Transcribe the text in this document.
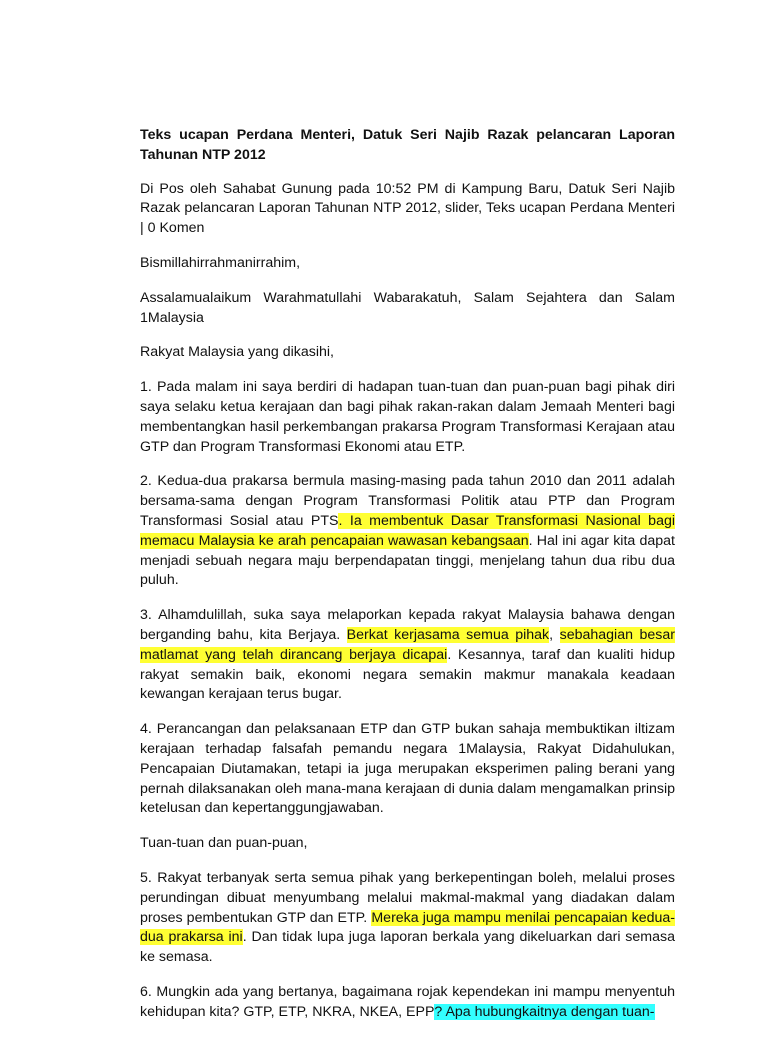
Teks ucapan Perdana Menteri, Datuk Seri Najib Razak pelancaran Laporan Tahunan NTP 2012

Di Pos oleh Sahabat Gunung pada 10:52 PM di Kampung Baru, Datuk Seri Najib Razak pelancaran Laporan Tahunan NTP 2012, slider, Teks ucapan Perdana Menteri | 0 Komen

Bismillahirrahmanirrahim,

Assalamualaikum Warahmatullahi Wabarakatuh, Salam Sejahtera dan Salam 1Malaysia

Rakyat Malaysia yang dikasihi,

1. Pada malam ini saya berdiri di hadapan tuan-tuan dan puan-puan bagi pihak diri saya selaku ketua kerajaan dan bagi pihak rakan-rakan dalam Jemaah Menteri bagi membentangkan hasil perkembangan prakarsa Program Transformasi Kerajaan atau GTP dan Program Transformasi Ekonomi atau ETP.

2. Kedua-dua prakarsa bermula masing-masing pada tahun 2010 dan 2011 adalah bersama-sama dengan Program Transformasi Politik atau PTP dan Program Transformasi Sosial atau PTS. Ia membentuk Dasar Transformasi Nasional bagi memacu Malaysia ke arah pencapaian wawasan kebangsaan. Hal ini agar kita dapat menjadi sebuah negara maju berpendapatan tinggi, menjelang tahun dua ribu dua puluh.

3. Alhamdulillah, suka saya melaporkan kepada rakyat Malaysia bahawa dengan berganding bahu, kita Berjaya. Berkat kerjasama semua pihak, sebahagian besar matlamat yang telah dirancang berjaya dicapai. Kesannya, taraf dan kualiti hidup rakyat semakin baik, ekonomi negara semakin makmur manakala keadaan kewangan kerajaan terus bugar.

4. Perancangan dan pelaksanaan ETP dan GTP bukan sahaja membuktikan iltizam kerajaan terhadap falsafah pemandu negara 1Malaysia, Rakyat Didahulukan, Pencapaian Diutamakan, tetapi ia juga merupakan eksperimen paling berani yang pernah dilaksanakan oleh mana-mana kerajaan di dunia dalam mengamalkan prinsip ketelusan dan kepertanggungjawaban.

Tuan-tuan dan puan-puan,

5. Rakyat terbanyak serta semua pihak yang berkepentingan boleh, melalui proses perundingan dibuat menyumbang melalui makmal-makmal yang diadakan dalam proses pembentukan GTP dan ETP. Mereka juga mampu menilai pencapaian kedua-dua prakarsa ini. Dan tidak lupa juga laporan berkala yang dikeluarkan dari semasa ke semasa.

6. Mungkin ada yang bertanya, bagaimana rojak kependekan ini mampu menyentuh kehidupan kita? GTP, ETP, NKRA, NKEA, EPP? Apa hubungkaitnya dengan tuan-
